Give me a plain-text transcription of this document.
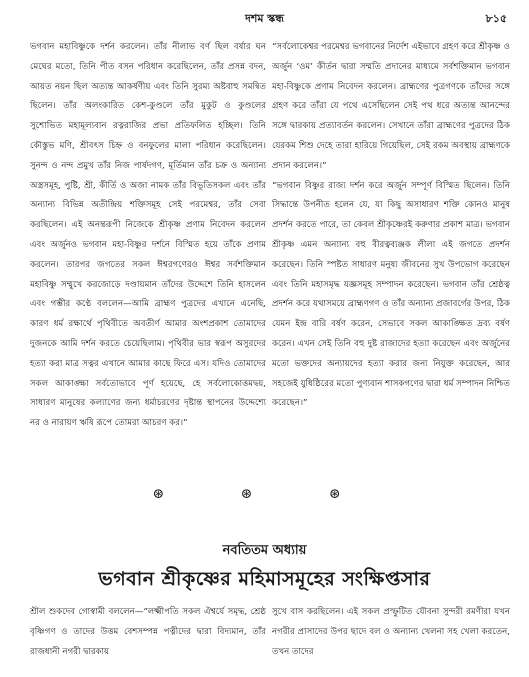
দশম স্কন্ধ	৮১৫

ভগবান মহাবিষ্ণুকে দর্শন করলেন। তাঁর নীলাভ বর্ণ ছিল বর্ষার ঘন মেঘের মতো, তিনি পীত বসন পরিধান করেছিলেন, তাঁর প্রসন্ন বদন, আয়ত নয়ন ছিল অত্যন্ত আকর্ষণীয় এবং তিনি সুরম্য অষ্টবাহু সমন্বিত ছিলেন। তাঁর অলংকারিত কেশ-কুণ্ডলে তাঁর মুকুট ও কুণ্ডলের সুশোভিত মহামূল্যবান রত্নরাজির প্রভা প্রতিফলিত হচ্ছিল। তিনি কৌস্তুভ মণি, শ্রীবৎস চিহ্ন ও বনফুলের মালা পরিধান করেছিলেন। সুনন্দ ও নন্দ প্রমুখ তাঁর নিজ পার্ষদগণ, মূর্তিমান তাঁর চক্র ও অন্যান্য অস্ত্রসমূহ, পুষ্টি, শ্রী, কীর্তি ও অজা নামক তাঁর বিভূতিসকল এবং তাঁর অন্যান্য বিভিন্ন অতীন্দ্রিয় শক্তিসমূহ সেই পরমেশ্বর, তাঁর সেবা করছিলেন। এই অনন্তরূপী নিজেকে শ্রীকৃষ্ণ প্রণাম নিবেদন করলেন এবং অর্জুনও ভগবান মহা-বিষ্ণুর দর্শনে বিস্মিত হয়ে তাঁকে প্রণাম করলেন। তারপর জগতের সকল ঈশ্বরগণেরও ঈশ্বর সর্বশক্তিমান মহাবিষ্ণু সম্মুখে করজোড়ে দণ্ডায়মান তাঁদের উদ্দেশে তিনি হাসলেন এবং গম্ভীর কণ্ঠে বললেন—আমি ব্রাহ্মণ পুত্রদের এখানে এনেছি, কারণ ধর্ম রক্ষার্থে পৃথিবীতে অবতীর্ণ আমার অংশপ্রকাশ তোমাদের দুজনকে আমি দর্শন করতে চেয়েছিলাম। পৃথিবীর ভার স্বরূপ অসুরদের হত্যা করা মাত্র সত্বর এখানে আমার কাছে ফিরে এস। যদিও তোমাদের সকল আকাঙ্ক্ষা সর্বতোভাবে পূর্ণ হয়েছে, হে সর্বলোকোত্তমদ্বয়, সাধারণ মানুষের কল্যাণের জন্য ধর্মাচরণের দৃষ্টান্ত স্থাপনের উদ্দেশ্যে নর ও নারায়ণ ঋষি রূপে তোমরা আচরণ কর।”

“সর্বলোকেশ্বর পরমেশ্বর ভগবানের নির্দেশ এইভাবে গ্রহণ করে শ্রীকৃষ্ণ ও অর্জুন ‘ওম’ কীর্তন দ্বারা সম্মতি প্রদানের মাধ্যমে সর্বশক্তিমান ভগবান মহা-বিষ্ণুকে প্রণাম নিবেদন করলেন। ব্রাহ্মণের পুত্রগণকে তাঁদের সঙ্গে গ্রহণ করে তাঁরা যে পথে এসেছিলেন সেই পথ ধরে অত্যন্ত আনন্দের সঙ্গে দ্বারকায় প্রত্যাবর্তন করলেন। সেখানে তাঁরা ব্রাহ্মণের পুত্রদের ঠিক যেরকম শিশু দেহে তারা হারিয়ে গিয়েছিল, সেই রকম অবস্থায় ব্রাহ্মণকে প্রদান করলেন।”

“ভগবান বিষ্ণুর রাজ্য দর্শন করে অর্জুন সম্পূর্ণ বিস্মিত ছিলেন। তিনি সিদ্ধান্তে উপনীত হলেন যে, যা কিছু অসাধারণ শক্তি কোনও মানুষ প্রদর্শন করতে পারে, তা কেবল শ্রীকৃষ্ণেরই করুণার প্রকাশ মাত্র। ভগবান শ্রীকৃষ্ণ এমন অন্যান্য বহু বীরত্বব্যঞ্জক লীলা এই জগতে প্রদর্শন করেছেন। তিনি স্পষ্টত সাধারণ মনুষ্য জীবনের সুখ উপভোগ করেছেন এবং তিনি মহাসমৃদ্ধ যজ্ঞসমূহ সম্পাদন করেছেন। ভগবান তাঁর শ্রেষ্ঠত্ব প্রদর্শন করে যথাসময়ে ব্রাহ্মণগণ ও তাঁর অন্যান্য প্রজাবর্গের উপর, ঠিক যেমন ইন্দ্র বারি বর্ষণ করেন, সেভাবে সকল আকাঙ্ক্ষিত দ্রব্য বর্ষণ করেন। এখন সেই তিনি বহু দুষ্ট রাজাদের হত্যা করেছেন এবং অর্জুনের মতো ভক্তদের অন্যায়দের হত্যা করার জন্য নিযুক্ত করেছেন, আর সহজেই যুধিষ্ঠিরের মতো পুণ্যবান শাসকগণের দ্বারা ধর্ম সম্পাদন নিশ্চিত করেছেন।”

⊛	⊛	⊛
নবতিতম অধ্যায়
ভগবান শ্রীকৃষ্ণের মহিমাসমূহের সংক্ষিপ্তসার
শ্রীল শুকদেব গোস্বামী বললেন—“লক্ষ্মীপতি সকল ঐশ্বর্যে সমৃদ্ধ, শ্রেষ্ঠ বৃষ্ণিগণ ও তাদের উত্তম বেশসম্পন্ন পত্নীদের দ্বারা বিদ্যমান, তাঁর রাজধানী নগরী দ্বারকায়
সুখে বাস করছিলেন। এই সকল প্রস্ফুটিত যৌবনা সুন্দরী রমণীরা যখন নগরীর প্রাসাদের উপর ছাদে বল ও অন্যান্য খেলনা সহ খেলা করতেন, তখন তাদের
